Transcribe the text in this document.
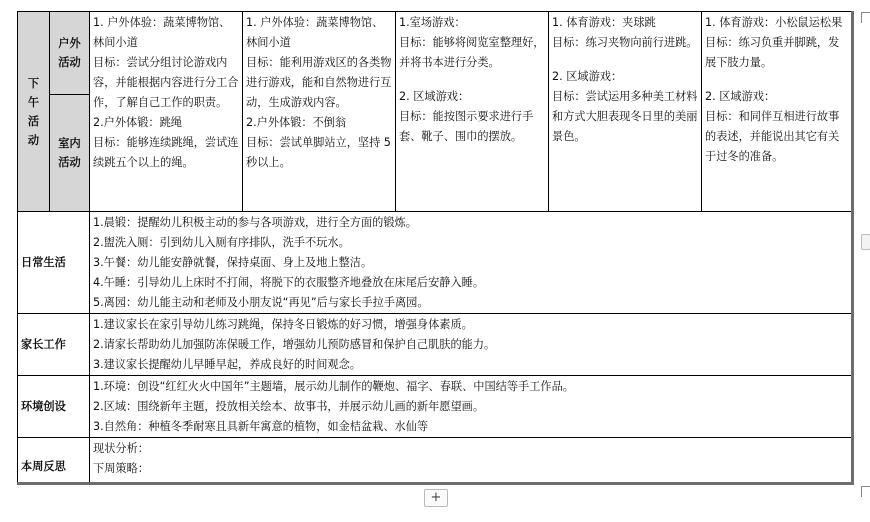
下午活动	户外活动	1. 户外体验：蔬菜博物馆、林间小道
目标：尝试分组讨论游戏内容，并能根据内容进行分工合作，了解自己工作的职责。
2.户外体锻：跳绳
目标：能够连续跳绳，尝试连续跳五个以上的绳。	1. 户外体验：蔬菜博物馆、林间小道
目标：能利用游戏区的各类物进行游戏，能和自然物进行互动，生成游戏内容。
2.户外体锻：不倒翁
目标：尝试单脚站立，坚持 5 秒以上。	1.室场游戏：
目标：能够将阅览室整理好，并将书本进行分类。
2. 区域游戏：
目标：能按图示要求进行手套、靴子、围巾的摆放。	1. 体育游戏：夹球跳
目标：练习夹物向前行进跳。
2. 区域游戏：
目标：尝试运用多种美工材料和方式大胆表现冬日里的美丽景色。	1. 体育游戏：小松鼠运松果
目标：练习负重并脚跳，发展下肢力量。
2. 区域游戏：
目标：和同伴互相进行故事的表述，并能说出其它有关于过冬的准备。

	室内活动					
日常生活		1.晨锻：提醒幼儿积极主动的参与各项游戏，进行全方面的锻炼。
2.盥洗入厕：引到幼儿入厕有序排队，洗手不玩水。
3.午餐：幼儿能安静就餐，保持桌面、身上及地上整洁。
4.午睡：引导幼儿上床时不打闹，将脱下的衣服整齐地叠放在床尾后安静入睡。
5.离园：幼儿能主动和老师及小朋友说“再见”后与家长手拉手离园。				

家长工作		1.建议家长在家引导幼儿练习跳绳，保持冬日锻炼的好习惯，增强身体素质。
2.请家长帮助幼儿加强防冻保暖工作，增强幼儿预防感冒和保护自己肌肤的能力。
3.建议家长提醒幼儿早睡早起，养成良好的时间观念。				

环境创设		1.环境：创设“红红火火中国年”主题墙，展示幼儿制作的鞭炮、福字、春联、中国结等手工作品。
2.区域：围绕新年主题，投放相关绘本、故事书，并展示幼儿画的新年愿望画。
3.自然角：种植冬季耐寒且具新年寓意的植物，如金桔盆栽、水仙等				

本周反思		现状分析：
下周策略：				
+
